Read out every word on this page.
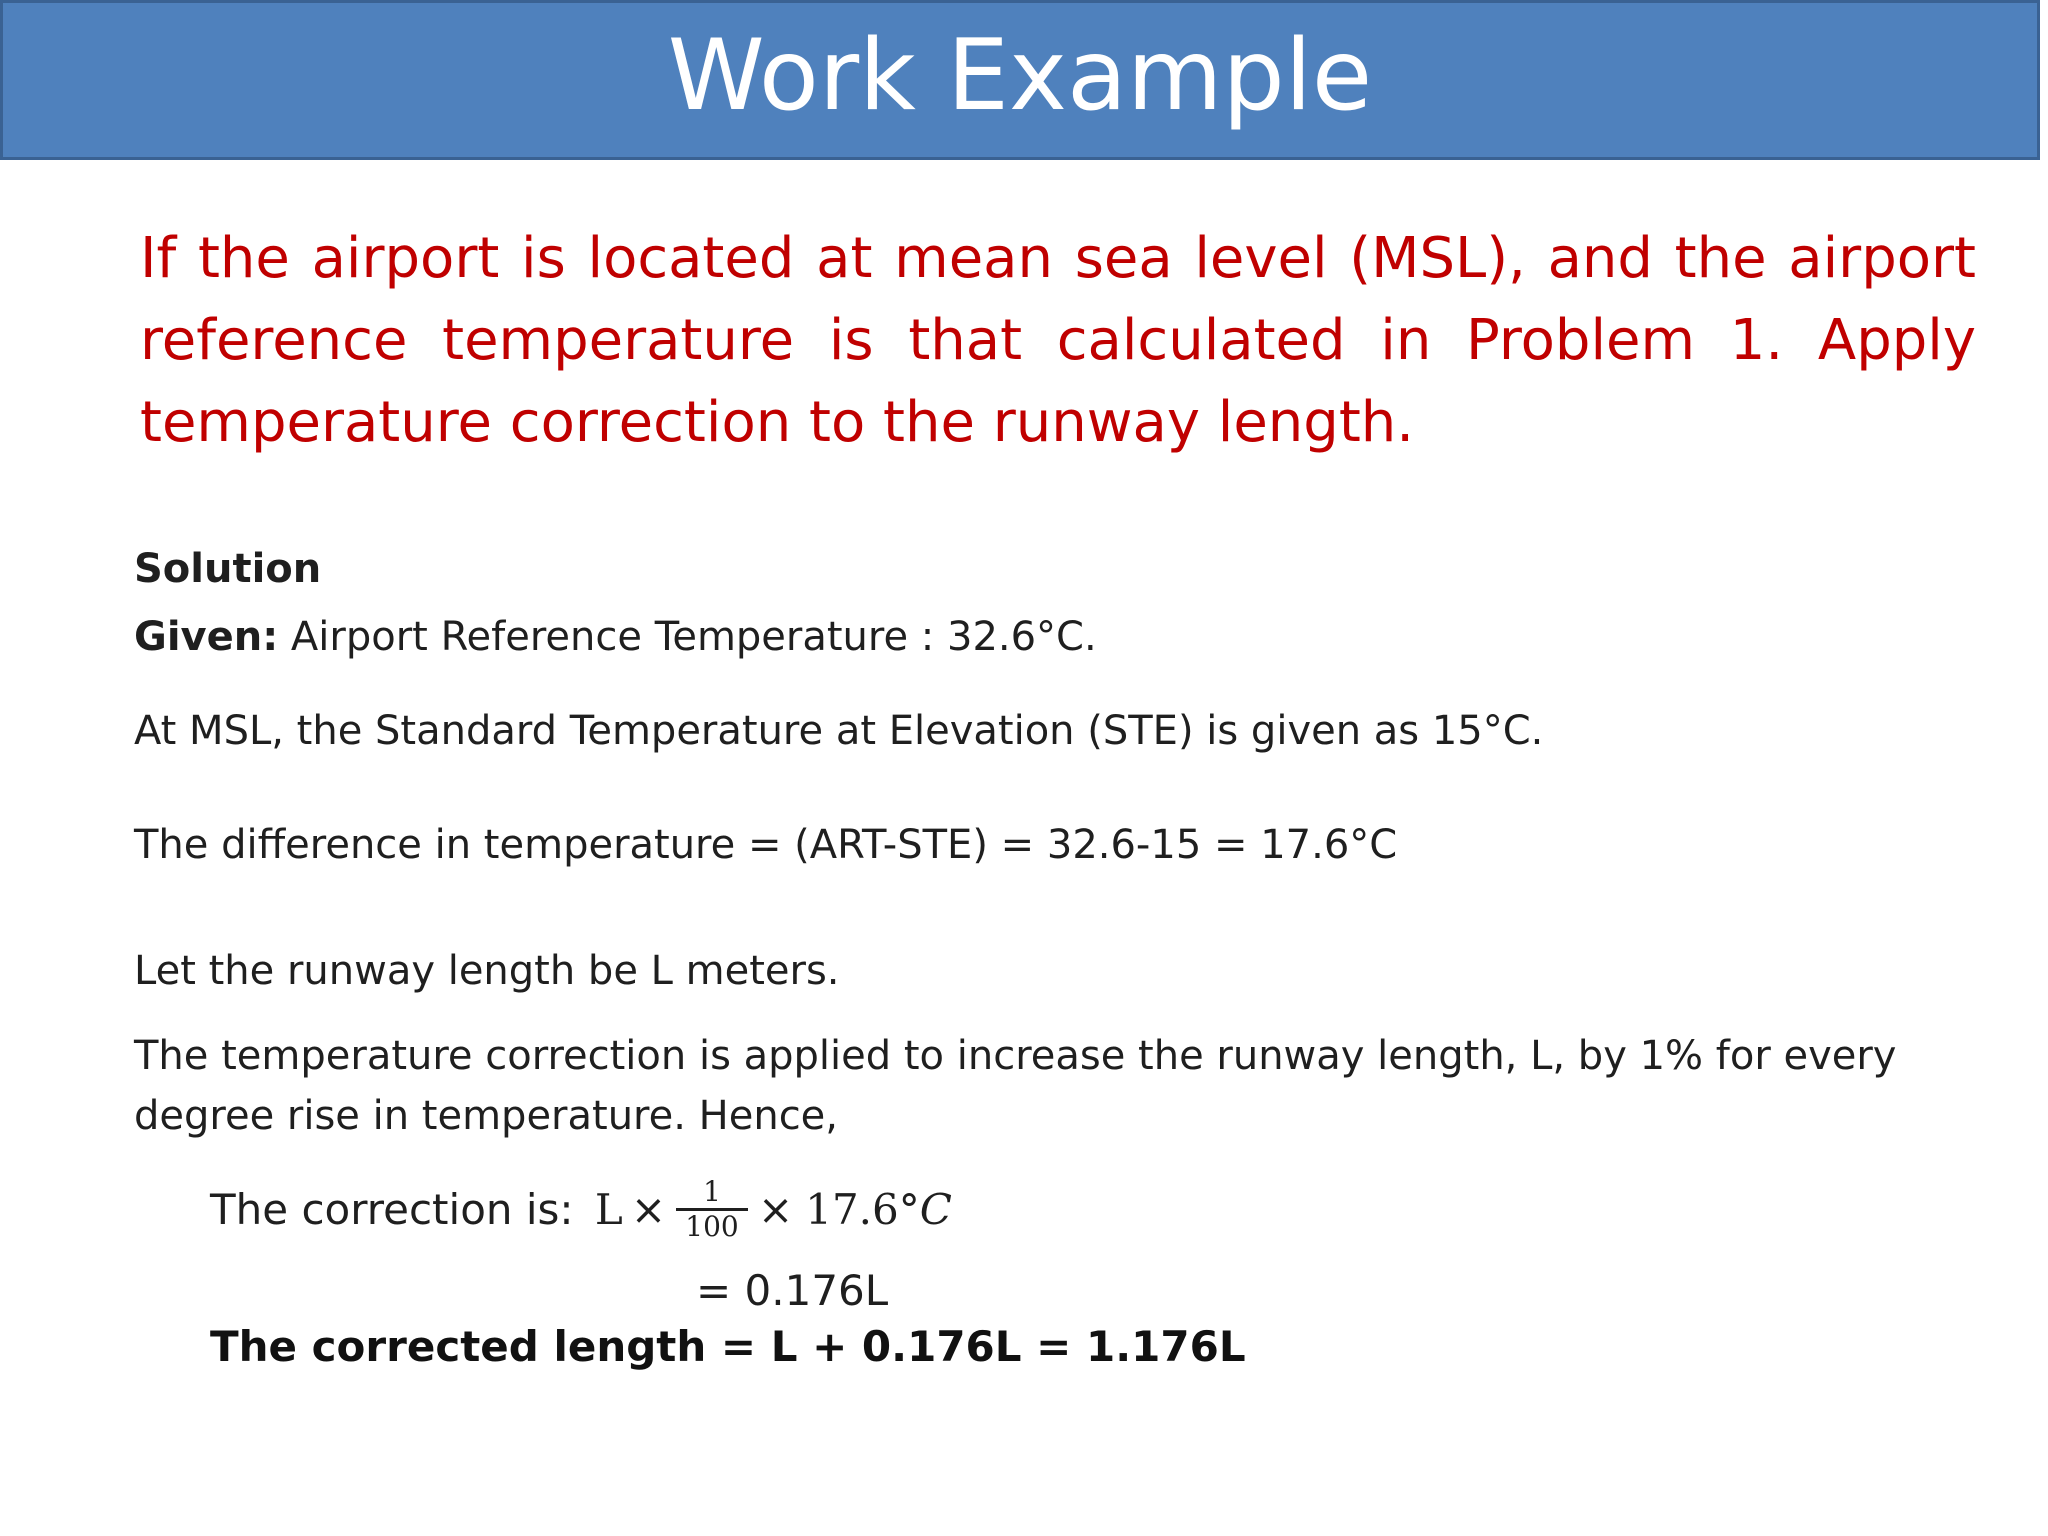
Work Example

If the airport is located at mean sea level (MSL), and the airport reference temperature is that calculated in Problem 1. Apply temperature correction to the runway length.

Solution

Given: Airport Reference Temperature : 32.6°C.

At MSL, the Standard Temperature at Elevation (STE) is given as 15°C.

The difference in temperature = (ART-STE) = 32.6-15 = 17.6°C

Let the runway length be L meters.

The temperature correction is applied to increase the runway length, L, by 1% for every degree rise in temperature. Hence,

The correction is: $L \times \frac{1}{100} \times 17.6^\circ$ C

= 0.176L

The corrected length = L + 0.176L = 1.176L
